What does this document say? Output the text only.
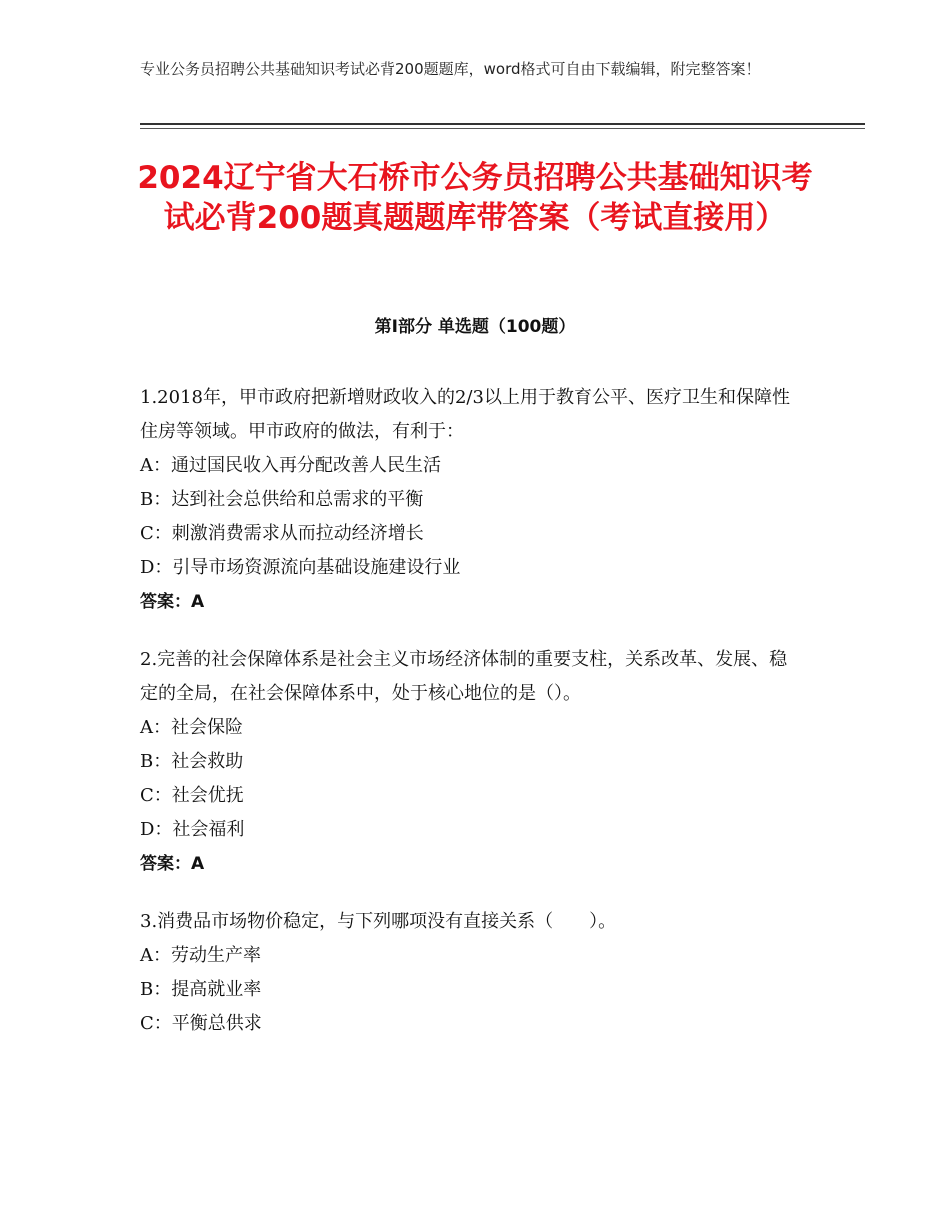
专业公务员招聘公共基础知识考试必背200题题库，word格式可自由下载编辑，附完整答案！
2024辽宁省大石桥市公务员招聘公共基础知识考试必背200题真题题库带答案（考试直接用）
第Ⅰ部分 单选题（100题）
1.2018年，甲市政府把新增财政收入的2/3以上用于教育公平、医疗卫生和保障性住房等领域。甲市政府的做法，有利于：
A：通过国民收入再分配改善人民生活
B：达到社会总供给和总需求的平衡
C：刺激消费需求从而拉动经济增长
D：引导市场资源流向基础设施建设行业
答案：A
2.完善的社会保障体系是社会主义市场经济体制的重要支柱，关系改革、发展、稳定的全局，在社会保障体系中，处于核心地位的是（）。
A：社会保险
B：社会救助
C：社会优抚
D：社会福利
答案：A
3.消费品市场物价稳定，与下列哪项没有直接关系（　　）。
A：劳动生产率
B：提高就业率
C：平衡总供求
